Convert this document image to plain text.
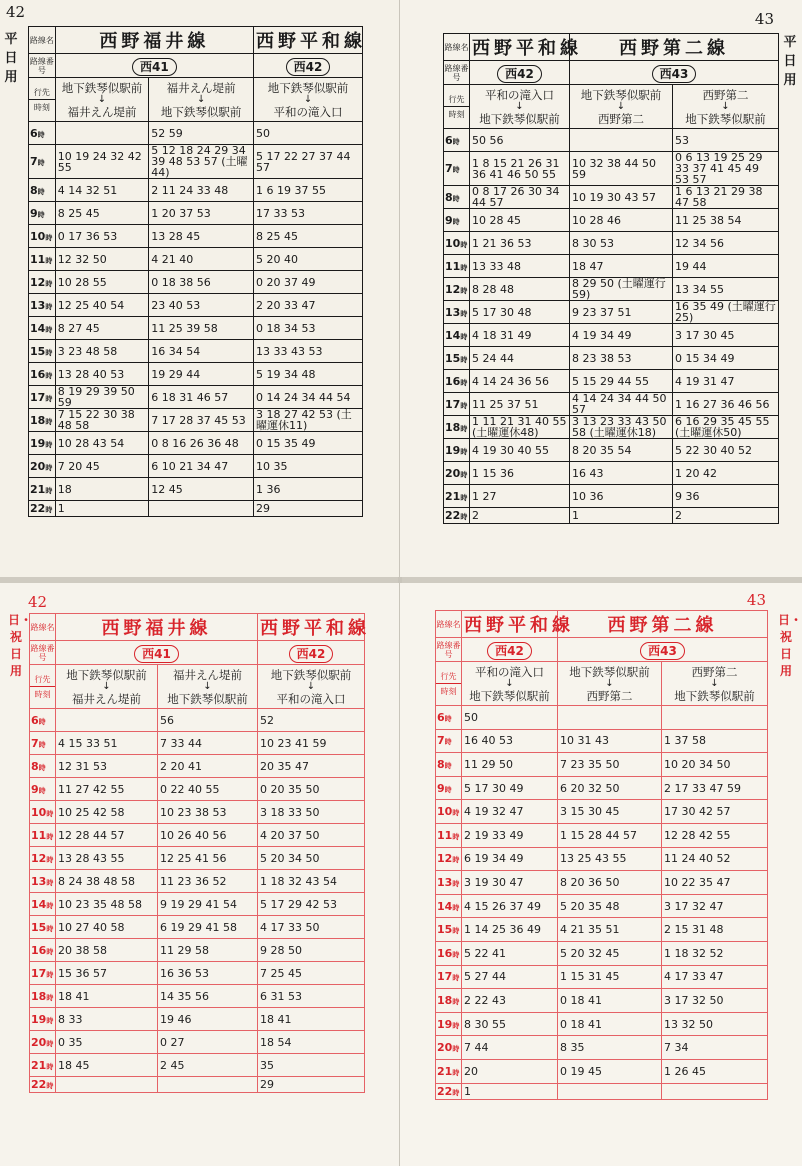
42
平日用
路線名	西野福井線		西野平和線
路線番号	西41		西42

行先
時刻	地下鉄琴似駅前
↓
福井えん堤前	福井えん堤前
↓
地下鉄琴似駅前	地下鉄琴似駅前
↓
平和の滝入口

6時		52 59	50
7時	10 19 24 32 42 55	5 12 18 24 29 34 39 48 53 57 (土曜44)	5 17 22 27 37 44 57
8時	4 14 32 51	2 11 24 33 48	1 6 19 37 55
9時	8 25 45	1 20 37 53	17 33 53
10時	0 17 36 53	13 28 45	8 25 45
11時	12 32 50	4 21 40	5 20 40
12時	10 28 55	0 18 38 56	0 20 37 49
13時	12 25 40 54	23 40 53	2 20 33 47
14時	8 27 45	11 25 39 58	0 18 34 53
15時	3 23 48 58	16 34 54	13 33 43 53
16時	13 28 40 53	19 29 44	5 19 34 48
17時	8 19 29 39 50 59	6 18 31 46 57	0 14 24 34 44 54
18時	7 15 22 30 38 48 58	7 17 28 37 45 53	3 18 27 42 53 (土曜運休11)
19時	10 28 43 54	0 8 16 26 36 48	0 15 35 49
20時	7 20 45	6 10 21 34 47	10 35
21時	18	12 45	1 36
22時	1		29
43
平日用
路線名	西野平和線	西野第二線	
路線番号	西42	西43	

行先
時刻	平和の滝入口
↓
地下鉄琴似駅前	地下鉄琴似駅前
↓
西野第二	西野第二
↓
地下鉄琴似駅前

6時	50 56		53
7時	1 8 15 21 26 31 36 41 46 50 55	10 32 38 44 50 59	0 6 13 19 25 29 33 37 41 45 49 53 57
8時	0 8 17 26 30 34 44 57	10 19 30 43 57	1 6 13 21 29 38 47 58
9時	10 28 45	10 28 46	11 25 38 54
10時	1 21 36 53	8 30 53	12 34 56
11時	13 33 48	18 47	19 44
12時	8 28 48	8 29 50 (土曜運行59)	13 34 55
13時	5 17 30 48	9 23 37 51	16 35 49 (土曜運行25)
14時	4 18 31 49	4 19 34 49	3 17 30 45
15時	5 24 44	8 23 38 53	0 15 34 49
16時	4 14 24 36 56	5 15 29 44 55	4 19 31 47
17時	11 25 37 51	4 14 24 34 44 50 57	1 16 27 36 46 56
18時	1 11 21 31 40 55 (土曜運休48)	3 13 23 33 43 50 58 (土曜運休18)	6 16 29 35 45 55 (土曜運休50)
19時	4 19 30 40 55	8 20 35 54	5 22 30 40 52
20時	1 15 36	16 43	1 20 42
21時	1 27	10 36	9 36
22時	2	1	2
42
日・祝日用
路線名	西野福井線		西野平和線
路線番号	西41		西42

行先
時刻	地下鉄琴似駅前
↓
福井えん堤前	福井えん堤前
↓
地下鉄琴似駅前	地下鉄琴似駅前
↓
平和の滝入口

6時		56	52
7時	4 15 33 51	7 33 44	10 23 41 59
8時	12 31 53	2 20 41	20 35 47
9時	11 27 42 55	0 22 40 55	0 20 35 50
10時	10 25 42 58	10 23 38 53	3 18 33 50
11時	12 28 44 57	10 26 40 56	4 20 37 50
12時	13 28 43 55	12 25 41 56	5 20 34 50
13時	8 24 38 48 58	11 23 36 52	1 18 32 43 54
14時	10 23 35 48 58	9 19 29 41 54	5 17 29 42 53
15時	10 27 40 58	6 19 29 41 58	4 17 33 50
16時	20 38 58	11 29 58	9 28 50
17時	15 36 57	16 36 53	7 25 45
18時	18 41	14 35 56	6 31 53
19時	8 33	19 46	18 41
20時	0 35	0 27	18 54
21時	18 45	2 45	35
22時			29
43
日・祝日用
路線名	西野平和線	西野第二線	
路線番号	西42	西43	

行先
時刻	平和の滝入口
↓
地下鉄琴似駅前	地下鉄琴似駅前
↓
西野第二	西野第二
↓
地下鉄琴似駅前

6時	50		
7時	16 40 53	10 31 43	1 37 58
8時	11 29 50	7 23 35 50	10 20 34 50
9時	5 17 30 49	6 20 32 50	2 17 33 47 59
10時	4 19 32 47	3 15 30 45	17 30 42 57
11時	2 19 33 49	1 15 28 44 57	12 28 42 55
12時	6 19 34 49	13 25 43 55	11 24 40 52
13時	3 19 30 47	8 20 36 50	10 22 35 47
14時	4 15 26 37 49	5 20 35 48	3 17 32 47
15時	1 14 25 36 49	4 21 35 51	2 15 31 48
16時	5 22 41	5 20 32 45	1 18 32 52
17時	5 27 44	1 15 31 45	4 17 33 47
18時	2 22 43	0 18 41	3 17 32 50
19時	8 30 55	0 18 41	13 32 50
20時	7 44	8 35	7 34
21時	20	0 19 45	1 26 45
22時	1		
